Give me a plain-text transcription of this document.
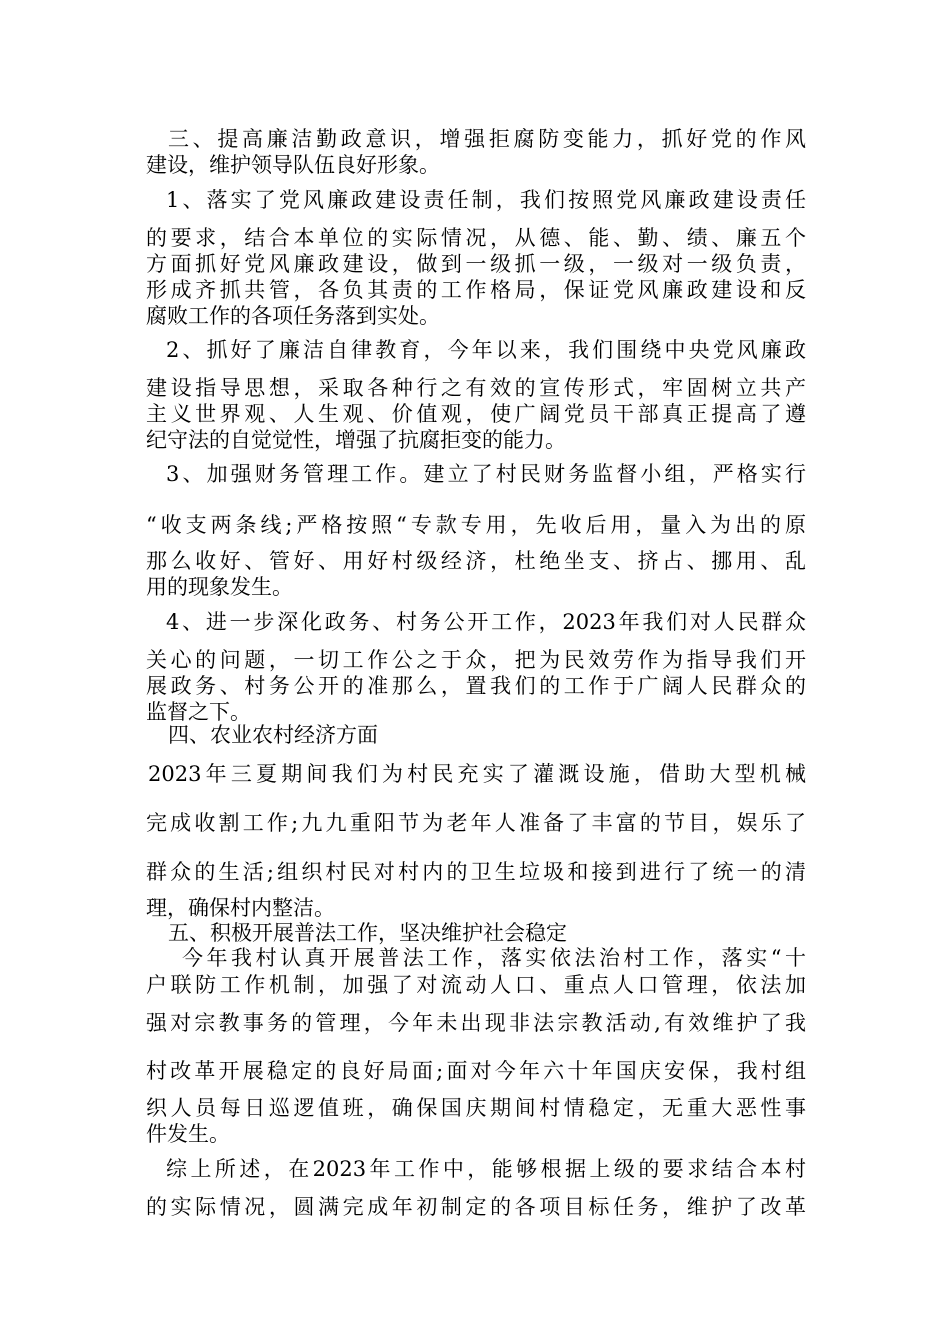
三、提高廉洁勤政意识，增强拒腐防变能力，抓好党的作风
建设，维护领导队伍良好形象。
1、落实了党风廉政建设责任制，我们按照党风廉政建设责任
的要求，结合本单位的实际情况，从德、能、勤、绩、廉五个
方面抓好党风廉政建设，做到一级抓一级，一级对一级负责，
形成齐抓共管，各负其责的工作格局，保证党风廉政建设和反
腐败工作的各项任务落到实处。
2、抓好了廉洁自律教育，今年以来，我们围绕中央党风廉政
建设指导思想，采取各种行之有效的宣传形式，牢固树立共产
主义世界观、人生观、价值观，使广阔党员干部真正提高了遵
纪守法的自觉觉性，增强了抗腐拒变的能力。
3、加强财务管理工作。建立了村民财务监督小组，严格实行
“收支两条线;严格按照“专款专用，先收后用，量入为出的原
那么收好、管好、用好村级经济，杜绝坐支、挤占、挪用、乱
用的现象发生。
4、进一步深化政务、村务公开工作，2023年我们对人民群众
关心的问题，一切工作公之于众，把为民效劳作为指导我们开
展政务、村务公开的准那么，置我们的工作于广阔人民群众的
监督之下。
四、农业农村经济方面
2023年三夏期间我们为村民充实了灌溉设施，借助大型机械
完成收割工作;九九重阳节为老年人准备了丰富的节目，娱乐了
群众的生活;组织村民对村内的卫生垃圾和接到进行了统一的清
理，确保村内整洁。
五、积极开展普法工作，坚决维护社会稳定
今年我村认真开展普法工作，落实依法治村工作，落实“十
户联防工作机制，加强了对流动人口、重点人口管理，依法加
强对宗教事务的管理，今年未出现非法宗教活动,有效维护了我
村改革开展稳定的良好局面;面对今年六十年国庆安保，我村组
织人员每日巡逻值班，确保国庆期间村情稳定，无重大恶性事
件发生。
综上所述，在2023年工作中，能够根据上级的要求结合本村
的实际情况，圆满完成年初制定的各项目标任务，维护了改革
